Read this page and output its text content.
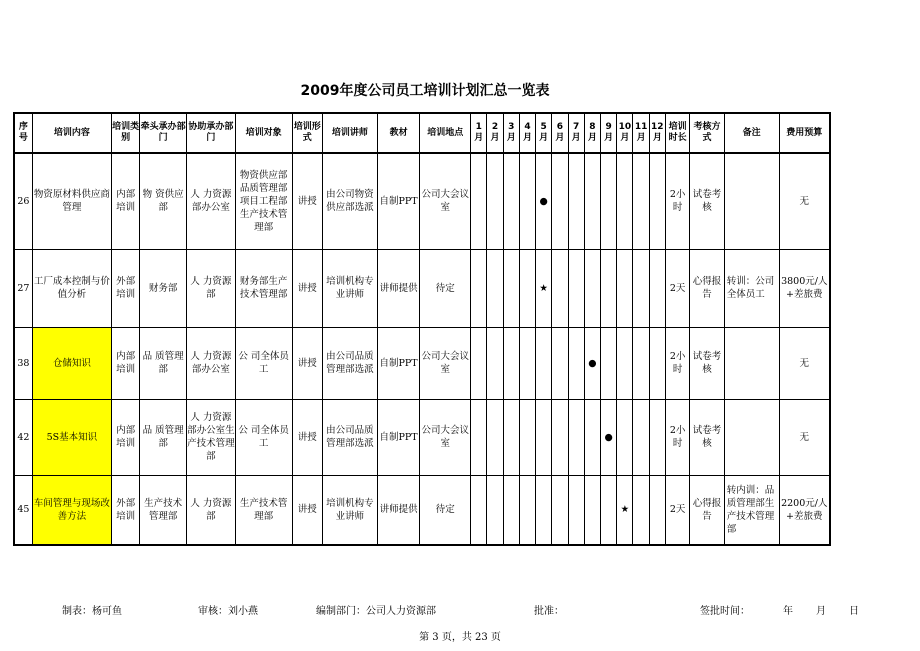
2009年度公司员工培训计划汇总一览表
序号	培训内容	培训类别	牵头承办部门	协助承办部门	培训对象	培训形式	培训讲师	教材	培训地点	1月	2月	3月	4月	5月	6月	7月	8月	9月	10月	11月	12月	培训时长	考核方式	备注	费用预算
26	物资原材料供应商管理	内部培训	物 资供应部	人 力资源部办公室	物资供应部品质管理部项目工程部生产技术管理部	讲授	由公司物资供应部选派	自制PPT	公司大会议室					●								2小时	试卷考核		无
27	工厂成本控制与价值分析	外部培训	财务部	人 力资源部	财务部生产技术管理部	讲授	培训机构专业讲师	讲师提供	待定					★								2天	心得报告	转训：公司全体员工	3800元/人+差旅费
38	仓储知识	内部培训	品 质管理部	人 力资源部办公室	公 司全体员工	讲授	由公司品质管理部选派	自制PPT	公司大会议室								●					2小时	试卷考核		无
42	5S基本知识	内部培训	品 质管理部	人 力资源部办公室生产技术管理部	公 司全体员工	讲授	由公司品质管理部选派	自制PPT	公司大会议室									●				2小时	试卷考核		无
45	车间管理与现场改善方法	外部培训	生产技术管理部	人 力资源部	生产技术管理部	讲授	培训机构专业讲师	讲师提供	待定										★			2天	心得报告	转内训：品质管理部生产技术管理部	2200元/人+差旅费
制表：杨可鱼	审核：刘小燕	编制部门：公司人力资源部	批准：	签批时间：	年 月 日
第 3 页，共 23 页
